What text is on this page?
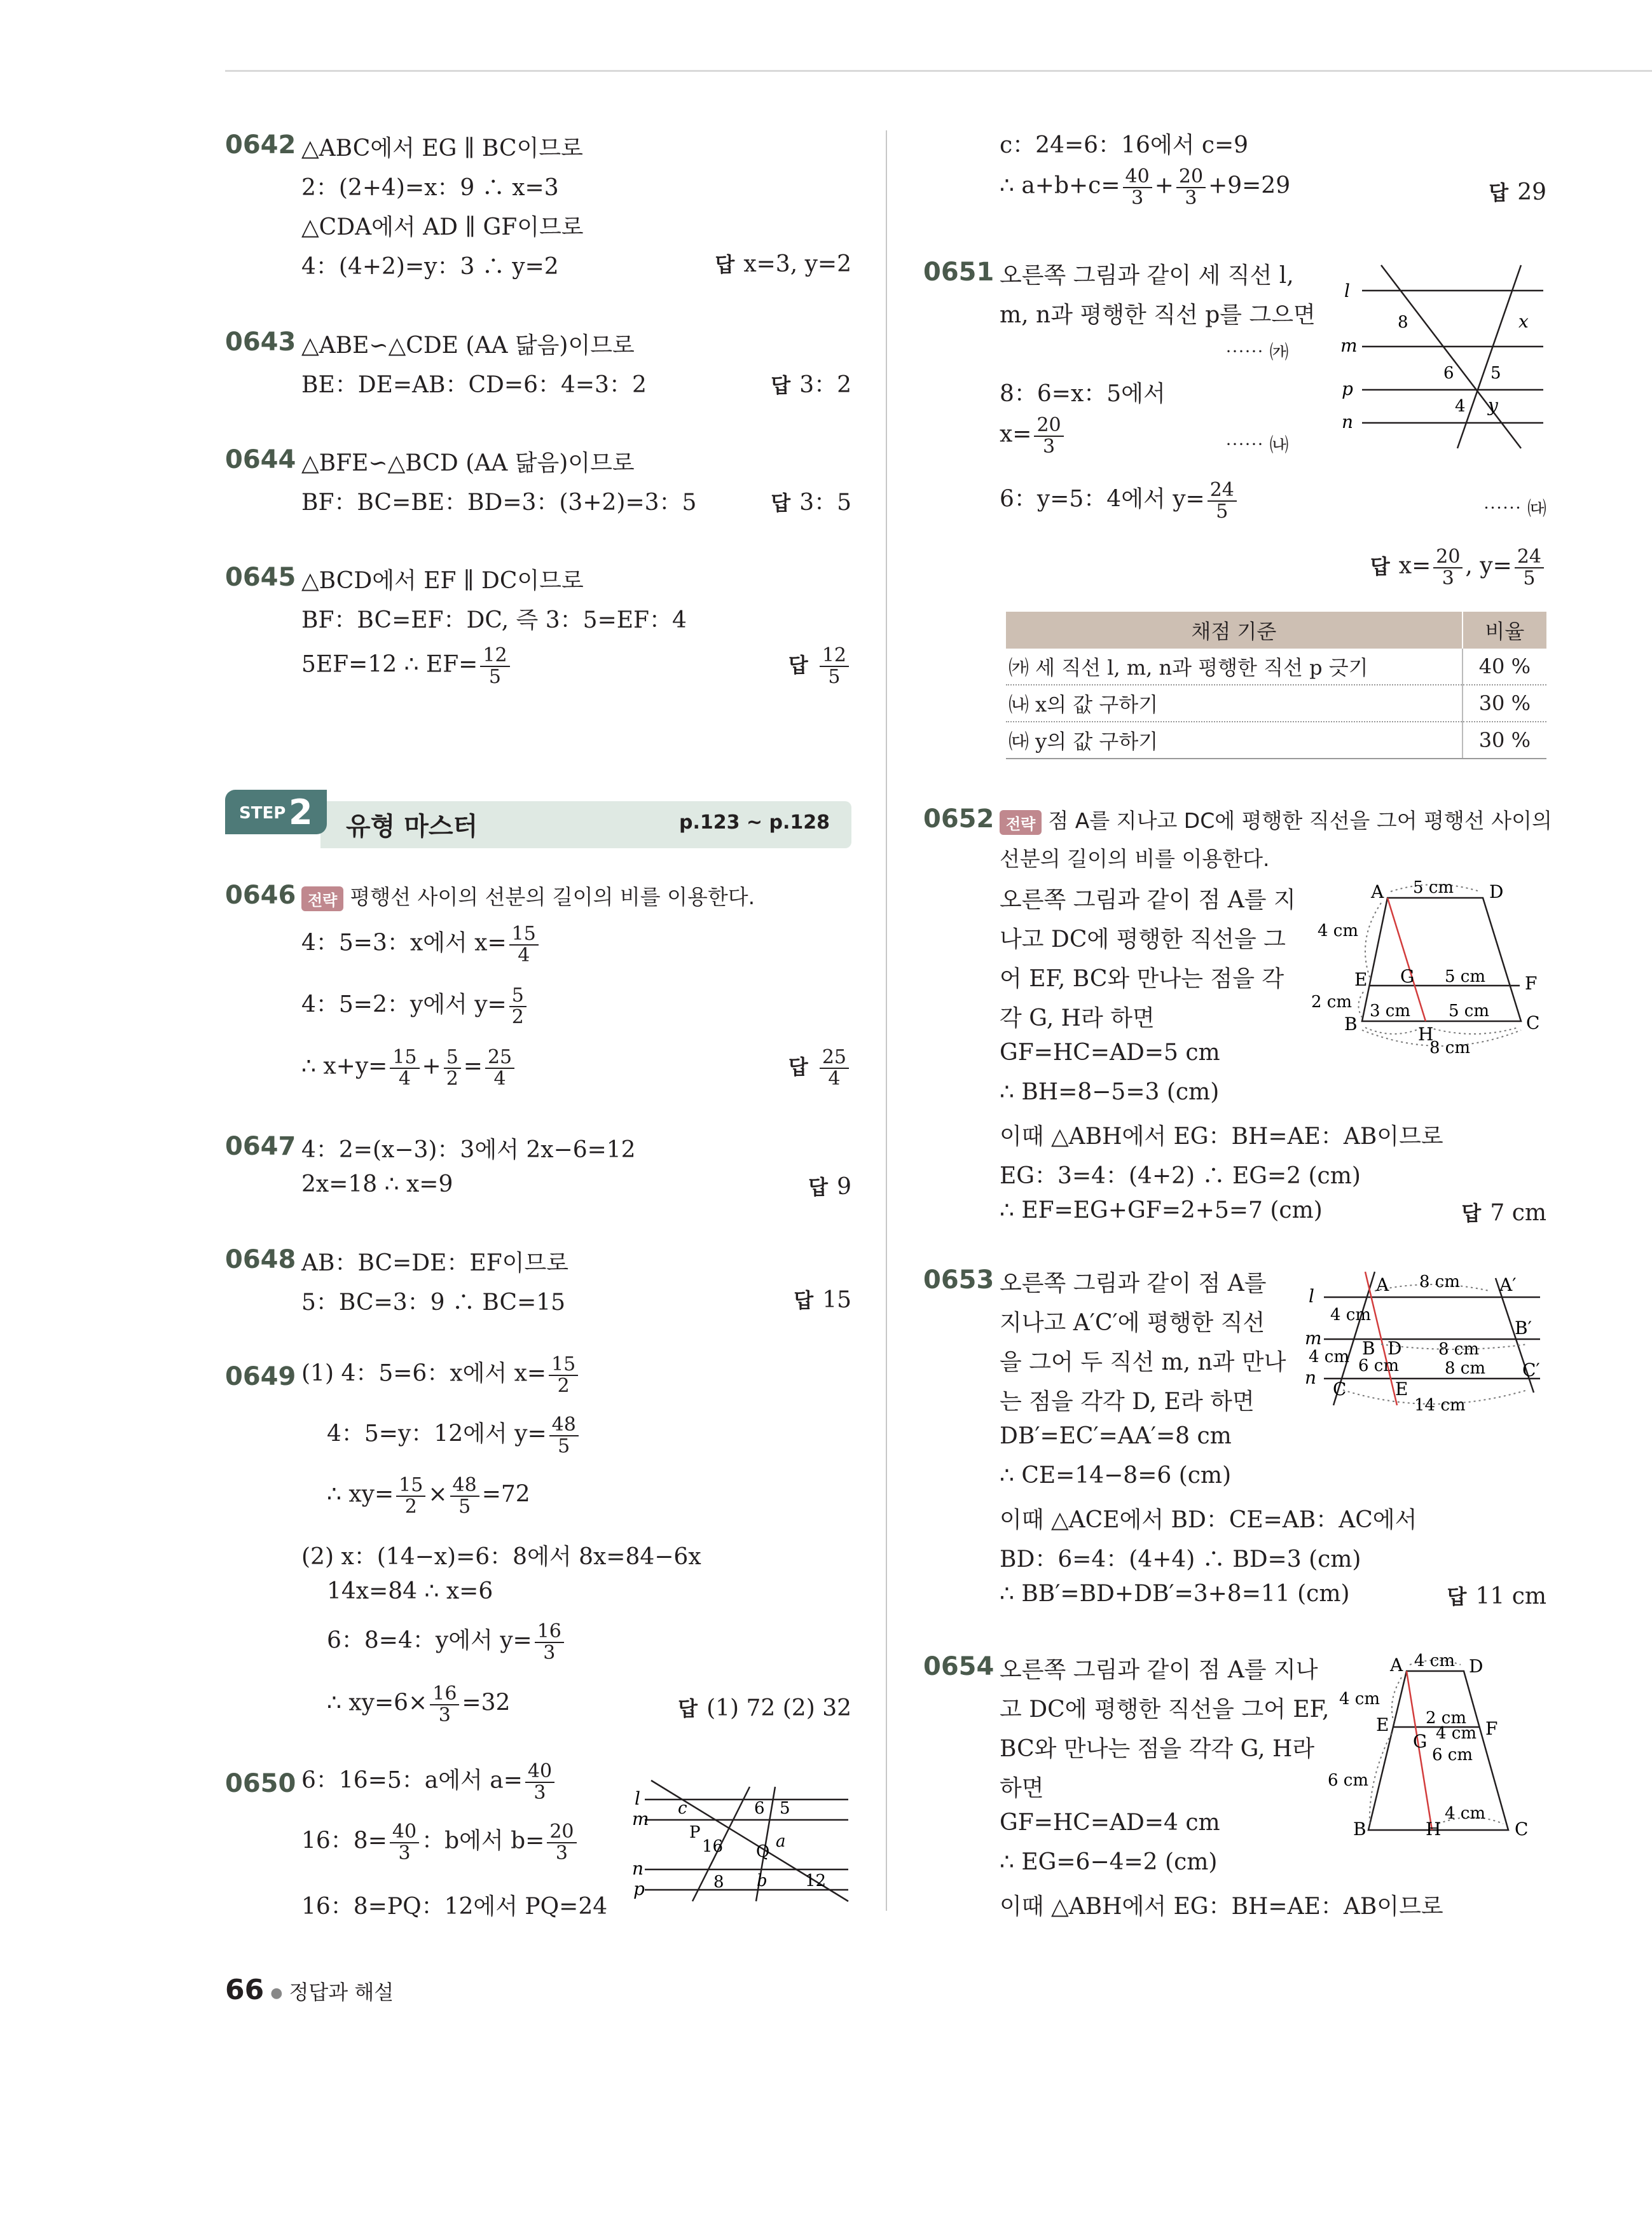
0642 △ABC에서 EG ∥ BC이므로
2：(2+4)=x：9 ∴ x=3
△CDA에서 AD ∥ GF이므로
4：(4+2)=y：3 ∴ y=2	답 x=3, y=2
0643 △ABE∽△CDE (AA 닮음)이므로
BE：DE=AB：CD=6：4=3：2	답 3：2
0644 △BFE∽△BCD (AA 닮음)이므로
BF：BC=BE：BD=3：(3+2)=3：5	답 3：5
0645 △BCD에서 EF ∥ DC이므로
BF：BC=EF：DC, 즉 3：5=EF：4
5EF=12 ∴ $EF= \frac{12}{5}$	답 $\frac{12}{5}$
STEP 2 유형 마스터	p.123 ~ p.128
0646 전략 평행선 사이의 선분의 길이의 비를 이용한다.
4：5=3：x에서 $x= \frac{15}{4}$
4：5=2：y에서 $y= \frac{5}{2}$
∴ $x+y= \frac{15}{4} + \frac{5}{2} = \frac{25}{4}$	답 $\frac{25}{4}$
0647 4：2=(x−3)：3에서 2x−6=12
2x=18 ∴ x=9	답 9
0648 AB：BC=DE：EF이므로
5：BC=3：9 ∴ BC=15	답 15
0649 (1) 4：5=6：x에서 $x= \frac{15}{2}$
4：5=y：12에서 $y= \frac{48}{5}$
∴ $xy= \frac{15}{2} \times \frac{48}{5} =72$
(2) x：(14−x)=6：8에서 8x=84−6x
14x=84 ∴ x=6
6：8=4：y에서 $y= \frac{16}{3}$
∴ $xy=6\times \frac{16}{3} =32$	답 (1) 72 (2) 32
0650 6：16=5：a에서 $a= \frac{40}{3}$
16：$8= \frac{40}{3}$ ：b에서 $b= \frac{20}{3}$
16：8=PQ：12에서 PQ=24
l
m
n
p
c	6 5
P
16 Q
a
8 b 12
c：24=6：16에서 c=9
∴ $a+b+c= \frac{40}{3} + \frac{20}{3} +9=29$	답 29
0651 오른쪽 그림과 같이 세 직선 l,
m, n과 평행한 직선 p를 그으면
⋯⋯ ㈎
8：6=x：5에서
$x= \frac{20}{3}$	⋯⋯ ㈏
6：y=5：4에서 $y= \frac{24}{5}$	⋯⋯ ㈐
답 $x= \frac{20}{3}$ , $y= \frac{24}{5}$
l
m
p
n
8	x
6 5
4 y
채점 기준	비율
㈎ 세 직선 l, m, n과 평행한 직선 p 긋기	40 %
㈏ x의 값 구하기	30 %
㈐ y의 값 구하기	30 %
0652 전략 점 A를 지나고 DC에 평행한 직선을 그어 평행선 사이의
선분의 길이의 비를 이용한다.
오른쪽 그림과 같이 점 A를 지
나고 DC에 평행한 직선을 그
어 EF, BC와 만나는 점을 각
각 G, H라 하면
GF=HC=AD=5 cm
∴ BH=8−5=3 (cm)
이때 △ABH에서 EG：BH=AE：AB이므로
EG：3=4：(4+2) ∴ EG=2 (cm)
∴ EF=EG+GF=2+5=7 (cm)	답 7 cm
A 5 cm D
4 cm
E G 5 cm F
2 cm 3 cm 5 cm
B	H
C
8 cm
0653 오른쪽 그림과 같이 점 A를
지나고 A′C′에 평행한 직선
을 그어 두 직선 m, n과 만나
는 점을 각각 D, E라 하면
DB′=EC′=AA′=8 cm
∴ CE=14−8=6 (cm)
이때 △ACE에서 BD：CE=AB：AC에서
BD：6=4：(4+4) ∴ BD=3 (cm)
∴ BB′=BD+DB′=3+8=11 (cm)	답 11 cm
l
m
n
A 8 cm A′
4 cm
B′
4 cm B D 8 cm
6 cm	8 cm C′
C	E
14 cm
0654 오른쪽 그림과 같이 점 A를 지나
고 DC에 평행한 직선을 그어 EF,
BC와 만나는 점을 각각 G, H라
하면
GF=HC=AD=4 cm
∴ EG=6−4=2 (cm)
이때 △ABH에서 EG：BH=AE：AB이므로
A 4 cm D
4 cm
E 2 cm
4 cm
G
F
6 cm
6 cm
4 cm
B	H	C
66 ● 정답과 해설
